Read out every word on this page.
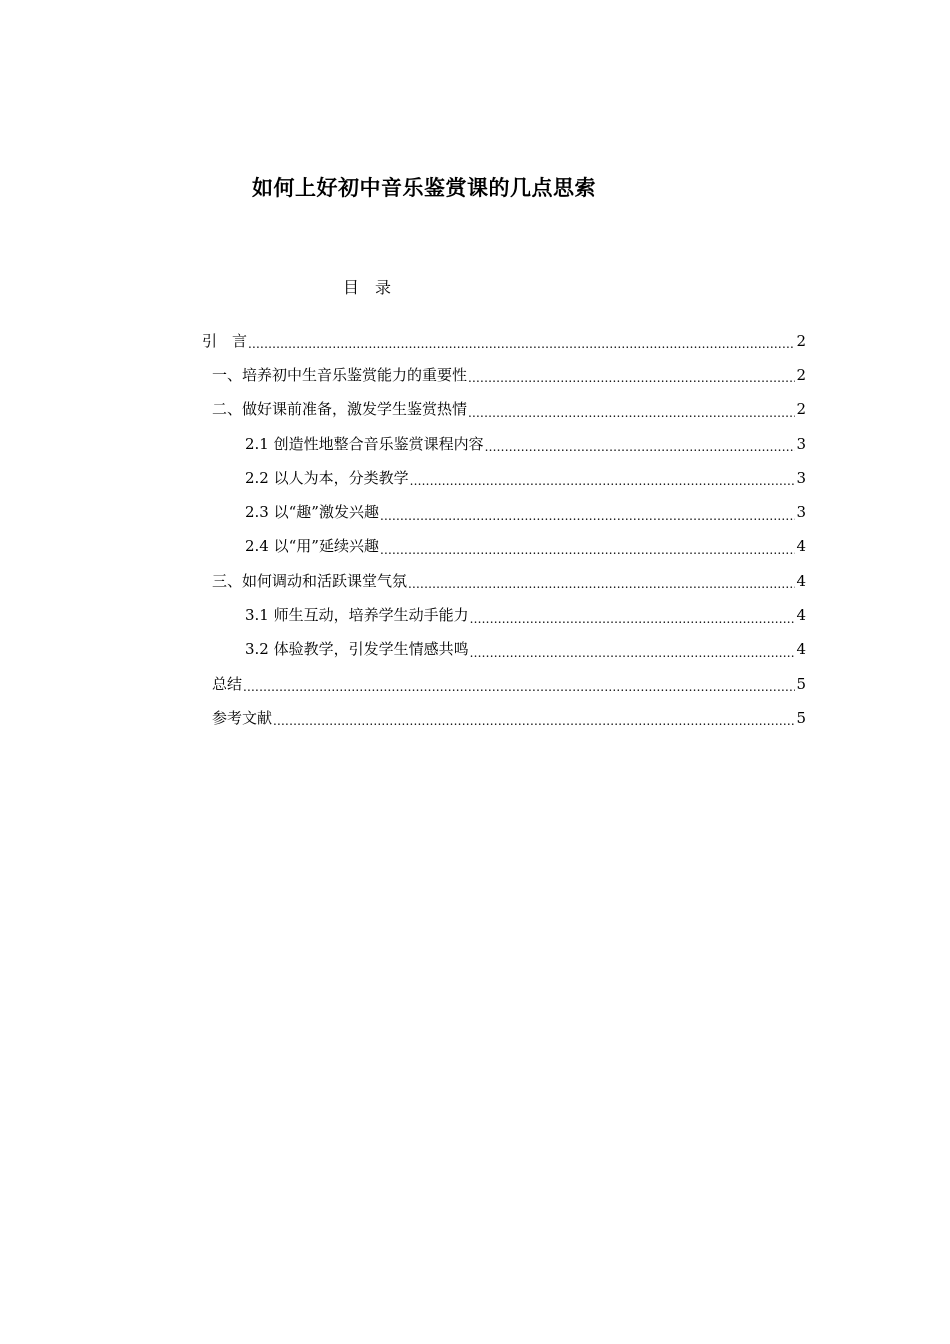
如何上好初中音乐鉴赏课的几点思索
目　录
引　言 .....	2
一、培养初中生音乐鉴赏能力的重要性 .....	2
二、做好课前准备，激发学生鉴赏热情 .....	2
2.1 创造性地整合音乐鉴赏课程内容 .....	3
2.2 以人为本，分类教学 .....	3
2.3 以“趣”激发兴趣 .....	3
2.4 以“用”延续兴趣 .....	4
三、如何调动和活跃课堂气氛 .....	4
3.1 师生互动，培养学生动手能力 .....	4
3.2 体验教学，引发学生情感共鸣 .....	4
总结 .....	5
参考文献 .....	5
